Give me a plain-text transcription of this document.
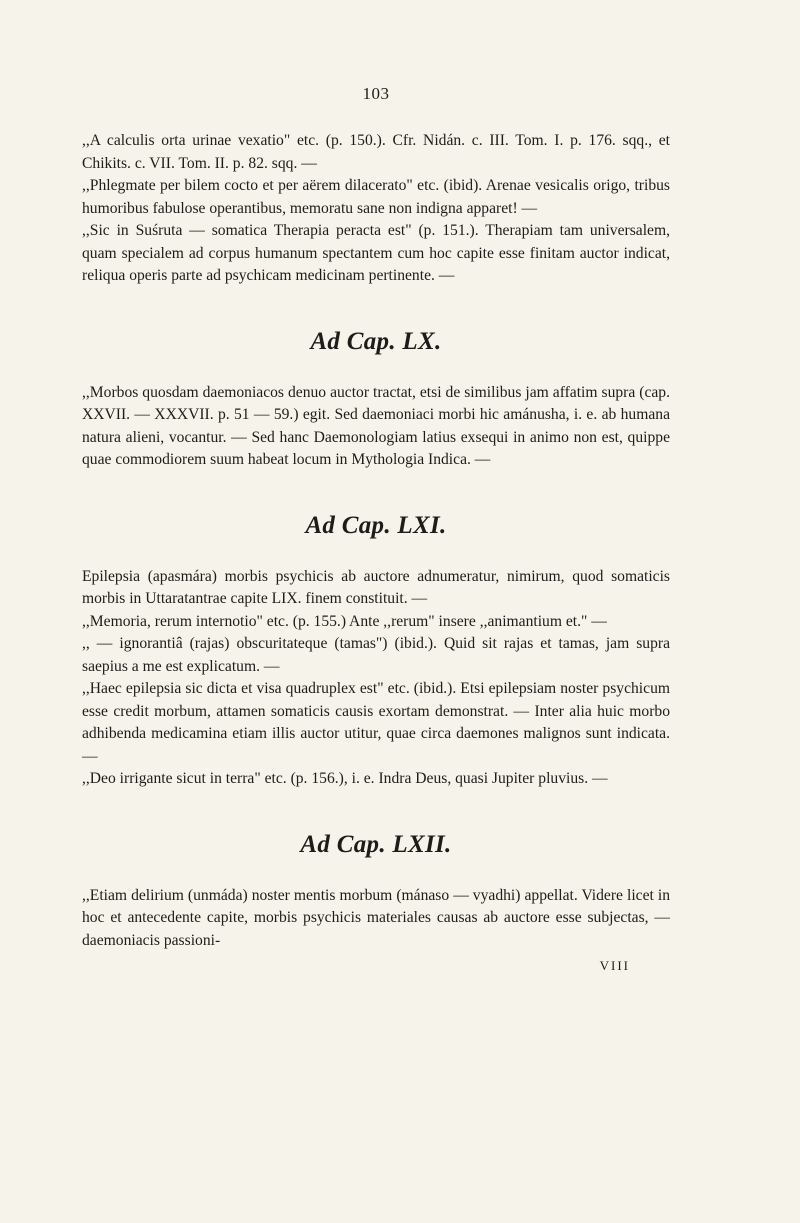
103

,,A calculis orta urinae vexatio" etc. (p. 150.). Cfr. Nidán. c. III. Tom. I. p. 176. sqq., et Chikits. c. VII. Tom. II. p. 82. sqq. —

,,Phlegmate per bilem cocto et per aërem dilacerato" etc. (ibid). Arenae vesicalis origo, tribus humoribus fabulose operantibus, memoratu sane non indigna apparet! —

,,Sic in Suśruta — somatica Therapia peracta est" (p. 151.). Therapiam tam universalem, quam specialem ad corpus humanum spectantem cum hoc capite esse finitam auctor indicat, reliqua operis parte ad psychicam medicinam pertinente. —

Ad Cap. LX.

,,Morbos quosdam daemoniacos denuo auctor tractat, etsi de similibus jam affatim supra (cap. XXVII. — XXXVII. p. 51 — 59.) egit. Sed daemoniaci morbi hic amánusha, i. e. ab humana natura alieni, vocantur. — Sed hanc Daemonologiam latius exsequi in animo non est, quippe quae commodiorem suum habeat locum in Mythologia Indica. —

Ad Cap. LXI.

Epilepsia (apasmára) morbis psychicis ab auctore adnumeratur, nimirum, quod somaticis morbis in Uttaratantrae capite LIX. finem constituit. —

,,Memoria, rerum internotio" etc. (p. 155.) Ante ,,rerum" insere ,,animantium et." —

,, — ignorantiâ (rajas) obscuritateque (tamas") (ibid.). Quid sit rajas et tamas, jam supra saepius a me est explicatum. —

,,Haec epilepsia sic dicta et visa quadruplex est" etc. (ibid.). Etsi epilepsiam noster psychicum esse credit morbum, attamen somaticis causis exortam demonstrat. — Inter alia huic morbo adhibenda medicamina etiam illis auctor utitur, quae circa daemones malignos sunt indicata. —

,,Deo irrigante sicut in terra" etc. (p. 156.), i. e. Indra Deus, quasi Jupiter pluvius. —

Ad Cap. LXII.

,,Etiam delirium (unmáda) noster mentis morbum (mánaso — vyadhi) appellat. Videre licet in hoc et antecedente capite, morbis psychicis materiales causas ab auctore esse subjectas, — daemoniacis passioni-

VIII
